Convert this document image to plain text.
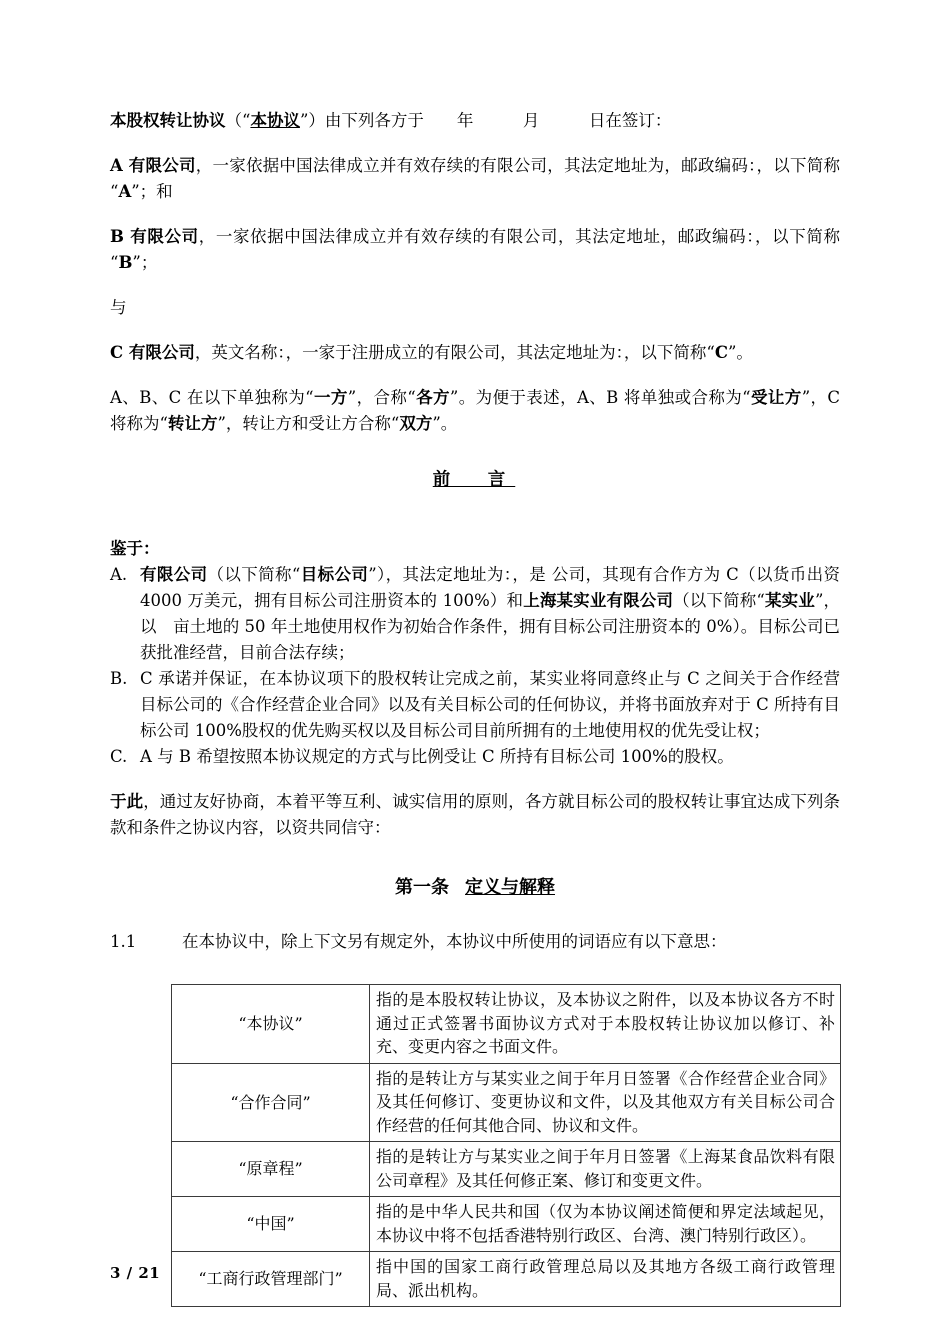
本股权转让协议（“本协议”）由下列各方于　　年　　　月　　　日在签订：

A 有限公司，一家依据中国法律成立并有效存续的有限公司，其法定地址为，邮政编码：，以下简称“A”；和

B 有限公司，一家依据中国法律成立并有效存续的有限公司，其法定地址，邮政编码：，以下简称“B”；

与

C 有限公司，英文名称：，一家于注册成立的有限公司，其法定地址为：，以下简称“C”。

A、B、C 在以下单独称为“一方”，合称“各方”。为便于表述，A、B 将单独或合称为“受让方”，C 将称为“转让方”，转让方和受让方合称“双方”。

前　言

鉴于：

A. 有限公司（以下简称“目标公司”），其法定地址为：，是 公司，其现有合作方为 C（以货币出资 4000 万美元，拥有目标公司注册资本的 100%）和上海某实业有限公司（以下简称“某实业”，以　亩土地的 50 年土地使用权作为初始合作条件，拥有目标公司注册资本的 0%）。目标公司已获批准经营，目前合法存续；
B. C 承诺并保证，在本协议项下的股权转让完成之前，某实业将同意终止与 C 之间关于合作经营目标公司的《合作经营企业合同》以及有关目标公司的任何协议，并将书面放弃对于 C 所持有目标公司 100%股权的优先购买权以及目标公司目前所拥有的土地使用权的优先受让权；
C. A 与 B 希望按照本协议规定的方式与比例受让 C 所持有目标公司 100%的股权。

于此，通过友好协商，本着平等互利、诚实信用的原则，各方就目标公司的股权转让事宜达成下列条款和条件之协议内容，以资共同信守：

第一条 定义与解释
1.1	在本协议中，除上下文另有规定外，本协议中所使用的词语应有以下意思：
“本协议”	指的是本股权转让协议，及本协议之附件，以及本协议各方不时通过正式签署书面协议方式对于本股权转让协议加以修订、补充、变更内容之书面文件。
“合作合同”	指的是转让方与某实业之间于年月日签署《合作经营企业合同》及其任何修订、变更协议和文件，以及其他双方有关目标公司合作经营的任何其他合同、协议和文件。
“原章程”	指的是转让方与某实业之间于年月日签署《上海某食品饮料有限公司章程》及其任何修正案、修订和变更文件。
“中国”	指的是中华人民共和国（仅为本协议阐述简便和界定法域起见，本协议中将不包括香港特别行政区、台湾、澳门特别行政区）。
“工商行政管理部门”	指中国的国家工商行政管理总局以及其地方各级工商行政管理局、派出机构。
3 / 21
